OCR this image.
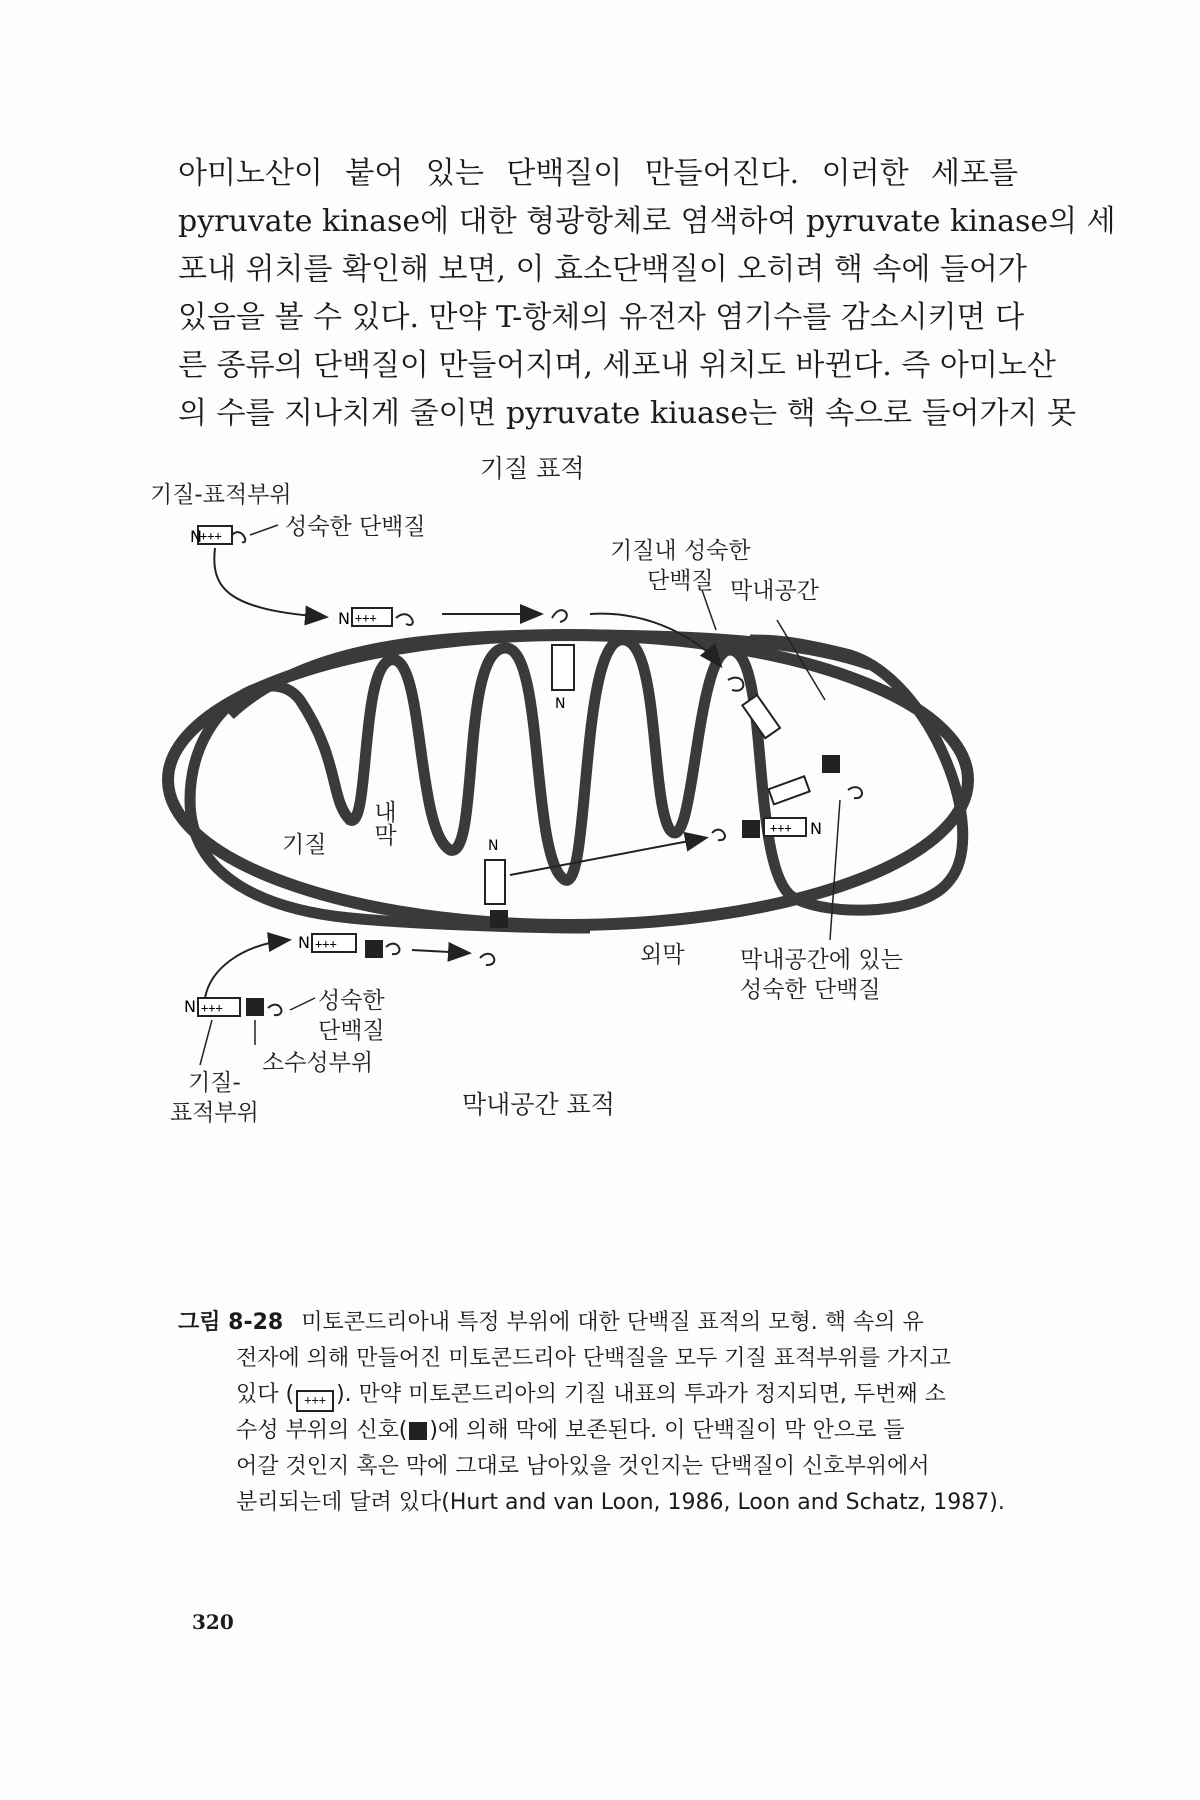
아미노산이 붙어 있는 단백질이 만들어진다. 이러한 세포를

pyruvate kinase에 대한 형광항체로 염색하여 pyruvate kinase의 세

포내 위치를 확인해 보면, 이 효소단백질이 오히려 핵 속에 들어가

있음을 볼 수 있다. 만약 T-항체의 유전자 염기수를 감소시키면 다

른 종류의 단백질이 만들어지며, 세포내 위치도 바뀐다. 즉 아미노산

의 수를 지나치게 줄이면 pyruvate kiuase는 핵 속으로 들어가지 못

N
+++
N +++
N
+++ N
N
N +++
N +++
기질 표적
기질-표적부위
성숙한 단백질
기질내 성숙한
단백질 막내공간
기질 내막
외막 막내공간에 있는
성숙한 단백질
성숙한
단백질
소수성부위
기질-
표적부위	막내공간 표적
그림 8-28 미토콘드리아내 특정 부위에 대한 단백질 표적의 모형. 핵 속의 유
전자에 의해 만들어진 미토콘드리아 단백질을 모두 기질 표적부위를 가지고
있다 ( +++ ). 만약 미토콘드리아의 기질 내표의 투과가 정지되면, 두번째 소
수성 부위의 신호( )에 의해 막에 보존된다. 이 단백질이 막 안으로 들
어갈 것인지 혹은 막에 그대로 남아있을 것인지는 단백질이 신호부위에서
분리되는데 달려 있다(Hurt and van Loon, 1986, Loon and Schatz, 1987).
320
